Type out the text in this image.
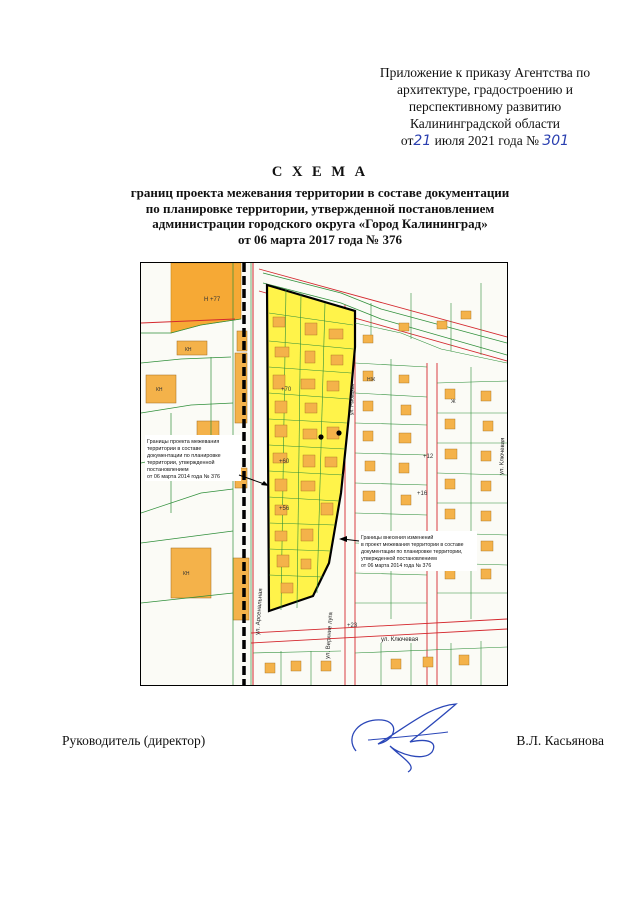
Приложение к приказу Агентства по
архитектуре, градостроению и
перспективному развитию
Калининградской области
от21 июля 2021 года № 301
С Х Е М А
границ проекта межевания территории в составе документации
по планировке территории, утвержденной постановлением
администрации городского округа «Город Калининград»
от 06 марта 2017 года № 376
Н +77
КН
КН
КН
+70
+60
+56
+12
+16
+23
Ж
НЖ
ул. Арсенальная
ул. Верхние луга	ул. Ключевая
ул. Ключевая
ул. Рыбацкая
Границы проекта межевания
территории в составе
документации по планировке
территории, утвержденной
постановлением
от 06 марта 2014 года № 376
Границы внесения изменений
в проект межевания территории в составе
документации по планировке территории,
утвержденной постановлением
от 06 марта 2014 года № 376
Руководитель (директор)	В.Л. Касьянова
